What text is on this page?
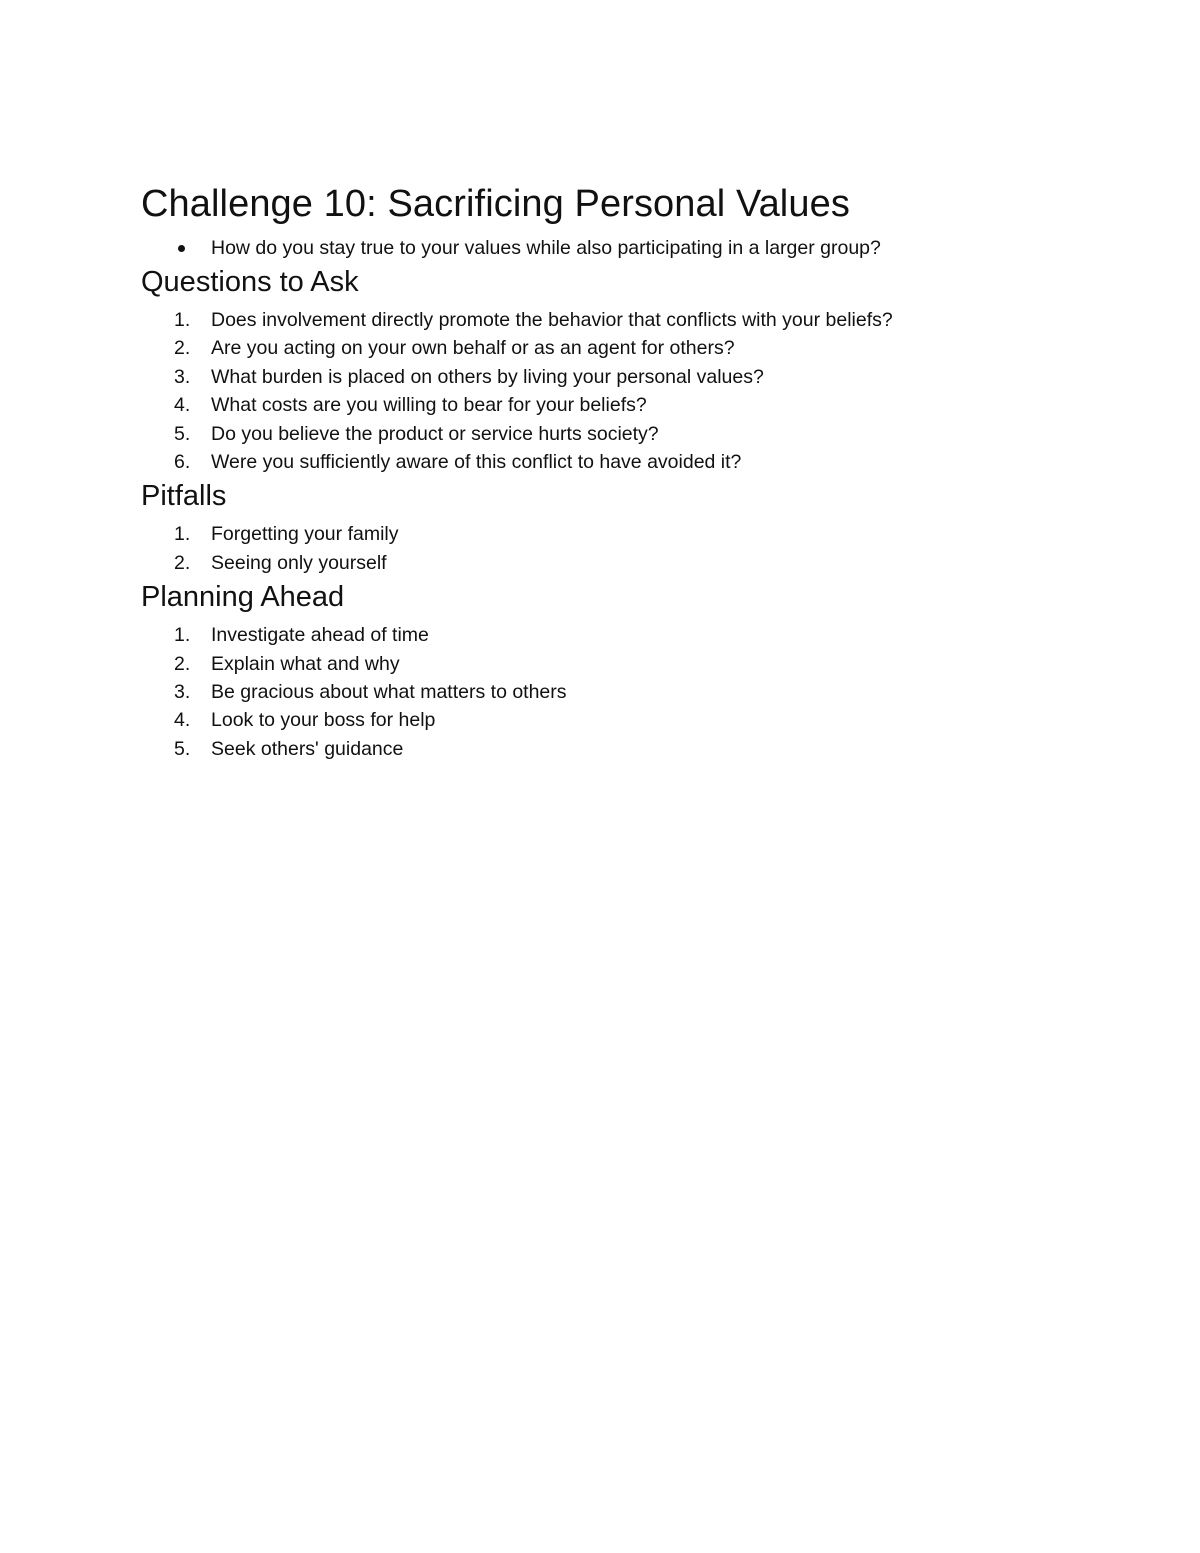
Challenge 10: Sacrificing Personal Values
How do you stay true to your values while also participating in a larger group?
Questions to Ask
1.	Does involvement directly promote the behavior that conflicts with your beliefs?
2.	Are you acting on your own behalf or as an agent for others?
3.	What burden is placed on others by living your personal values?
4.	What costs are you willing to bear for your beliefs?
5.	Do you believe the product or service hurts society?
6.	Were you sufficiently aware of this conflict to have avoided it?
Pitfalls
1.	Forgetting your family
2.	Seeing only yourself
Planning Ahead
1.	Investigate ahead of time
2.	Explain what and why
3.	Be gracious about what matters to others
4.	Look to your boss for help
5.	Seek others' guidance
